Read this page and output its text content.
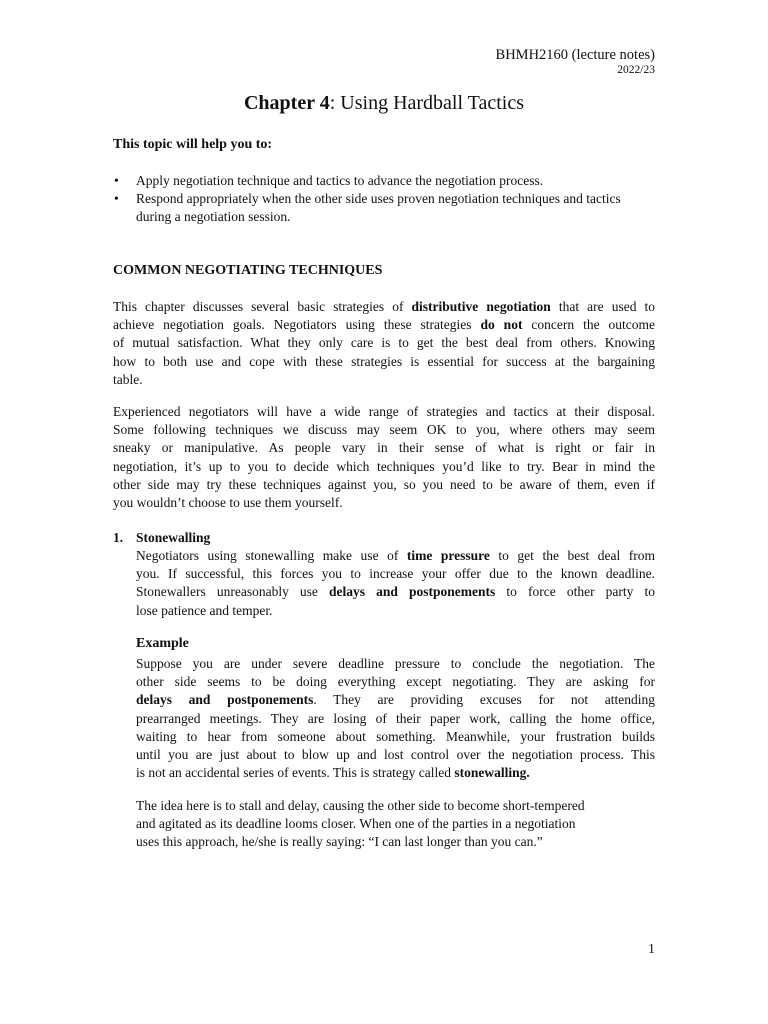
BHMH2160 (lecture notes)
2022/23
Chapter 4: Using Hardball Tactics
This topic will help you to:
• Apply negotiation technique and tactics to advance the negotiation process.
• Respond appropriately when the other side uses proven negotiation techniques and tactics during a negotiation session.
COMMON NEGOTIATING TECHNIQUES
This chapter discusses several basic strategies of distributive negotiation that are used to
achieve negotiation goals. Negotiators using these strategies do not concern the outcome
of mutual satisfaction. What they only care is to get the best deal from others. Knowing
how to both use and cope with these strategies is essential for success at the bargaining
table.
Experienced negotiators will have a wide range of strategies and tactics at their disposal.
Some following techniques we discuss may seem OK to you, where others may seem
sneaky or manipulative. As people vary in their sense of what is right or fair in
negotiation, it’s up to you to decide which techniques you’d like to try. Bear in mind the
other side may try these techniques against you, so you need to be aware of them, even if
you wouldn’t choose to use them yourself.
1. Stonewalling
Negotiators using stonewalling make use of time pressure to get the best deal from
you. If successful, this forces you to increase your offer due to the known deadline.
Stonewallers unreasonably use delays and postponements to force other party to
lose patience and temper.
Example
Suppose you are under severe deadline pressure to conclude the negotiation. The
other side seems to be doing everything except negotiating. They are asking for
delays and postponements. They are providing excuses for not attending
prearranged meetings. They are losing of their paper work, calling the home office,
waiting to hear from someone about something. Meanwhile, your frustration builds
until you are just about to blow up and lost control over the negotiation process. This
is not an accidental series of events. This is strategy called stonewalling.
The idea here is to stall and delay, causing the other side to become short-tempered
and agitated as its deadline looms closer. When one of the parties in a negotiation
uses this approach, he/she is really saying: “I can last longer than you can.”
1
